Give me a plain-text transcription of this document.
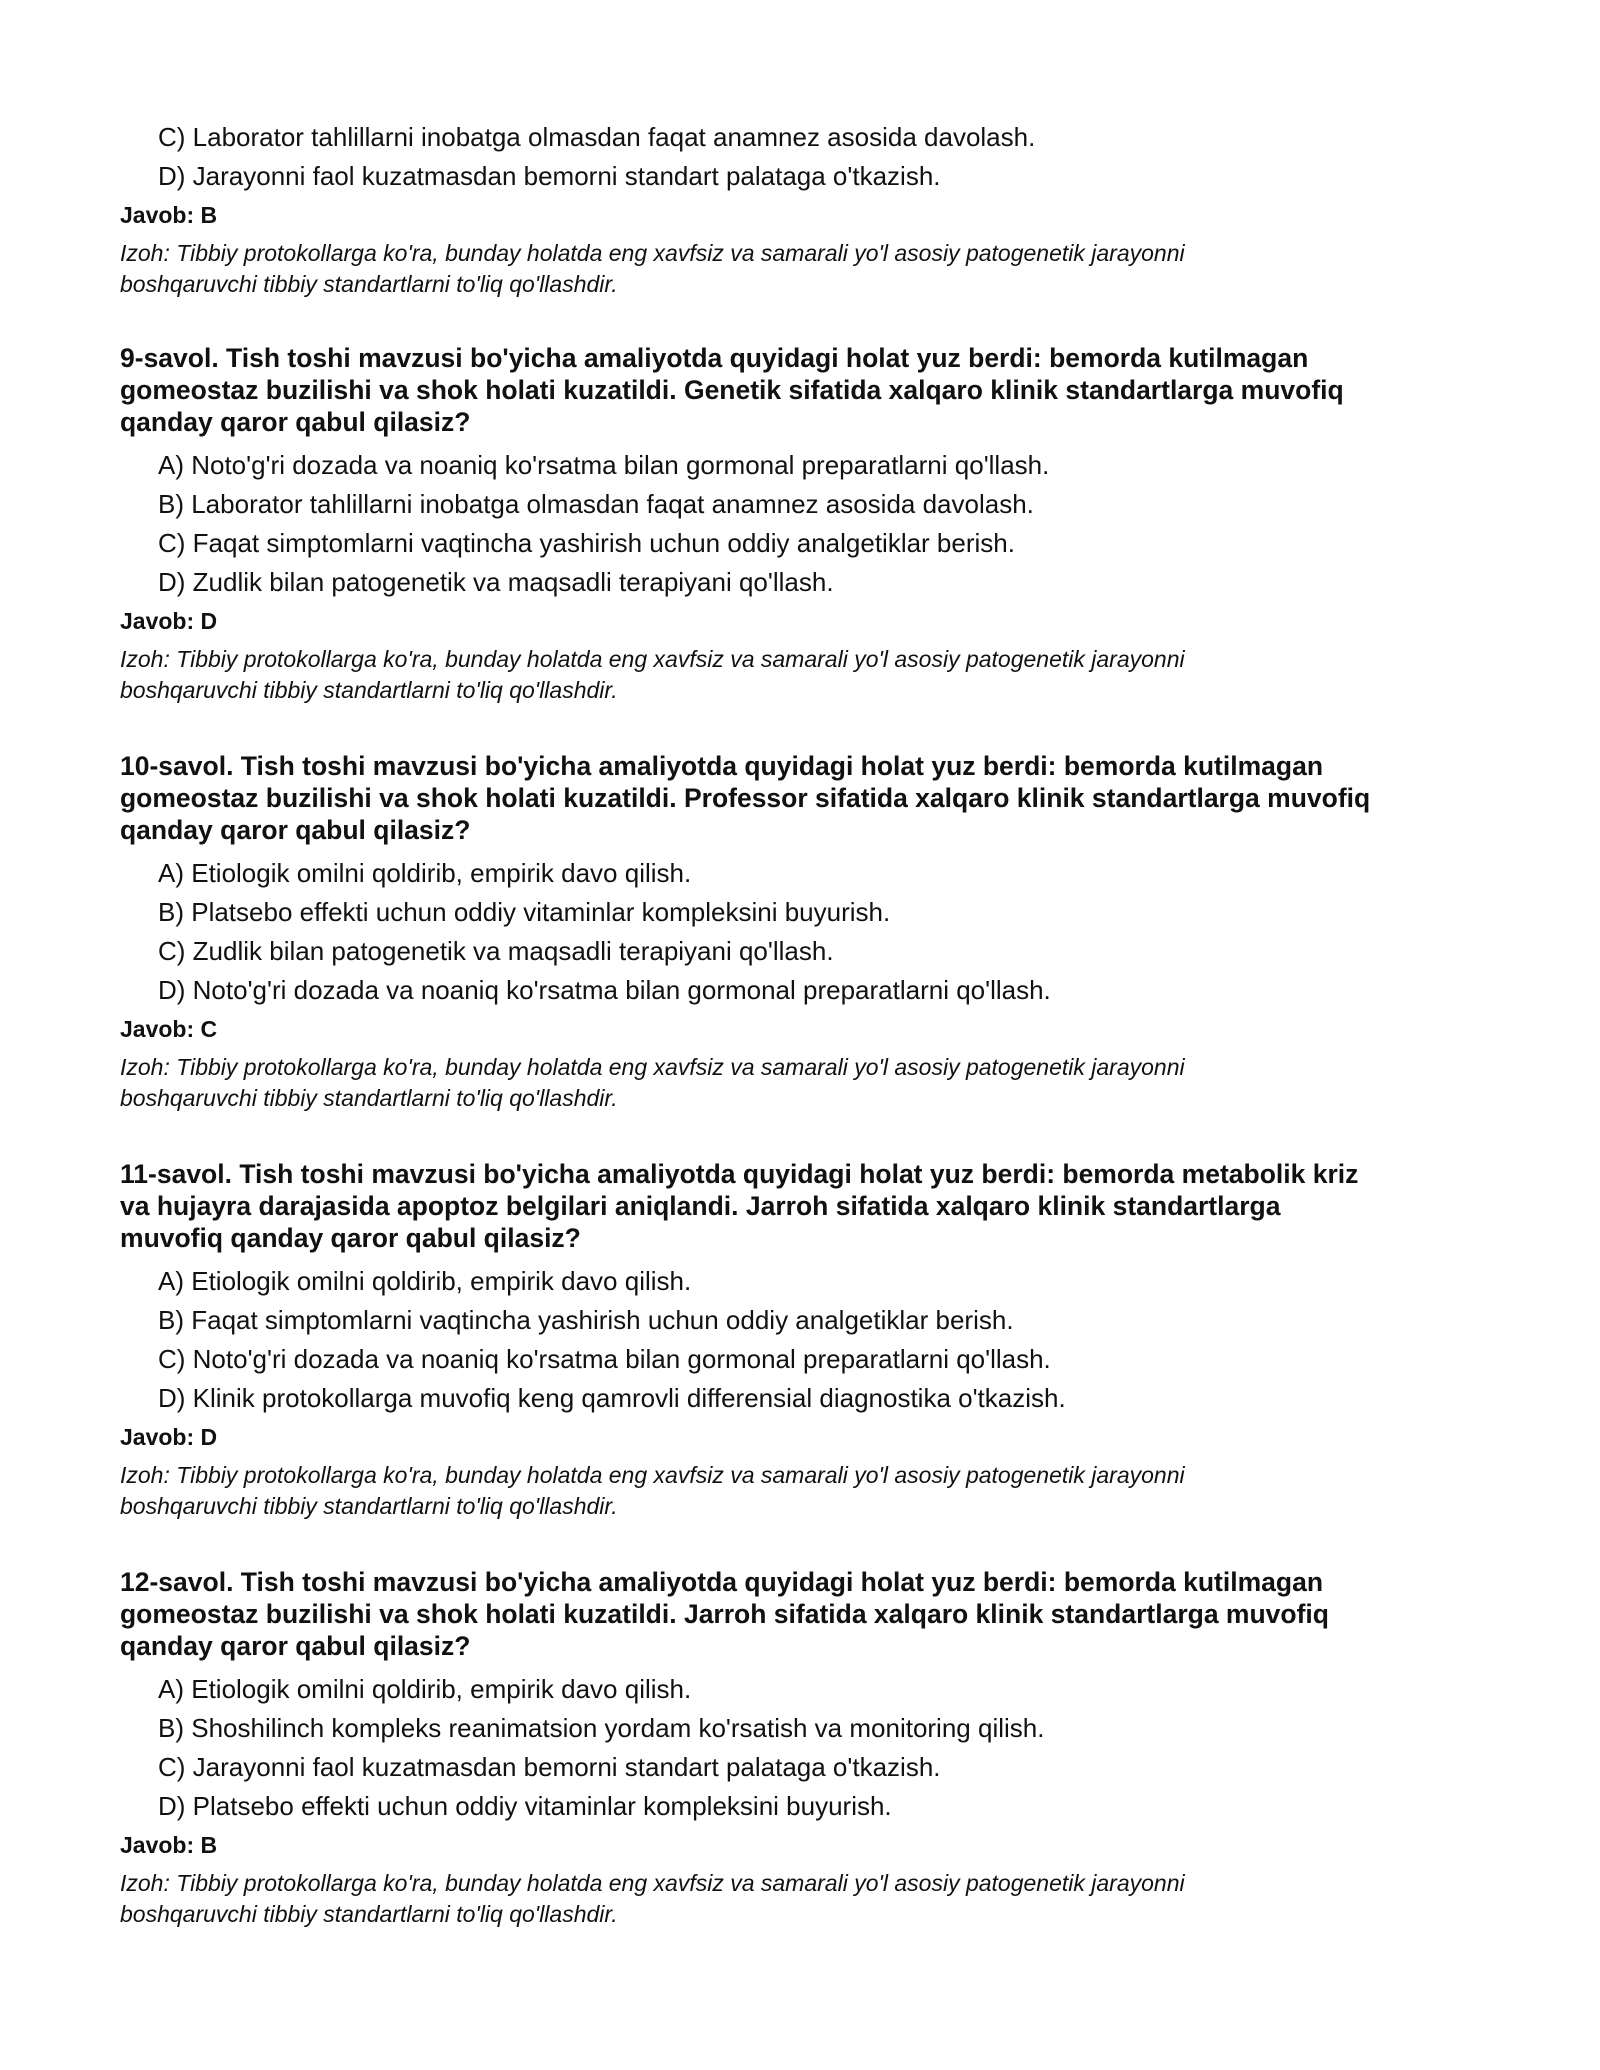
C) Laborator tahlillarni inobatga olmasdan faqat anamnez asosida davolash.
D) Jarayonni faol kuzatmasdan bemorni standart palataga o'tkazish.
Javob: B

Izoh: Tibbiy protokollarga ko'ra, bunday holatda eng xavfsiz va samarali yo'l asosiy patogenetik jarayonni
boshqaruvchi tibbiy standartlarni to'liq qo'llashdir.

9-savol. Tish toshi mavzusi bo'yicha amaliyotda quyidagi holat yuz berdi: bemorda kutilmagan
gomeostaz buzilishi va shok holati kuzatildi. Genetik sifatida xalqaro klinik standartlarga muvofiq
qanday qaror qabul qilasiz?
A) Noto'g'ri dozada va noaniq ko'rsatma bilan gormonal preparatlarni qo'llash.
B) Laborator tahlillarni inobatga olmasdan faqat anamnez asosida davolash.
C) Faqat simptomlarni vaqtincha yashirish uchun oddiy analgetiklar berish.
D) Zudlik bilan patogenetik va maqsadli terapiyani qo'llash.
Javob: D

Izoh: Tibbiy protokollarga ko'ra, bunday holatda eng xavfsiz va samarali yo'l asosiy patogenetik jarayonni
boshqaruvchi tibbiy standartlarni to'liq qo'llashdir.

10-savol. Tish toshi mavzusi bo'yicha amaliyotda quyidagi holat yuz berdi: bemorda kutilmagan
gomeostaz buzilishi va shok holati kuzatildi. Professor sifatida xalqaro klinik standartlarga muvofiq
qanday qaror qabul qilasiz?
A) Etiologik omilni qoldirib, empirik davo qilish.
B) Platsebo effekti uchun oddiy vitaminlar kompleksini buyurish.
C) Zudlik bilan patogenetik va maqsadli terapiyani qo'llash.
D) Noto'g'ri dozada va noaniq ko'rsatma bilan gormonal preparatlarni qo'llash.
Javob: C

Izoh: Tibbiy protokollarga ko'ra, bunday holatda eng xavfsiz va samarali yo'l asosiy patogenetik jarayonni
boshqaruvchi tibbiy standartlarni to'liq qo'llashdir.

11-savol. Tish toshi mavzusi bo'yicha amaliyotda quyidagi holat yuz berdi: bemorda metabolik kriz
va hujayra darajasida apoptoz belgilari aniqlandi. Jarroh sifatida xalqaro klinik standartlarga
muvofiq qanday qaror qabul qilasiz?
A) Etiologik omilni qoldirib, empirik davo qilish.
B) Faqat simptomlarni vaqtincha yashirish uchun oddiy analgetiklar berish.
C) Noto'g'ri dozada va noaniq ko'rsatma bilan gormonal preparatlarni qo'llash.
D) Klinik protokollarga muvofiq keng qamrovli differensial diagnostika o'tkazish.
Javob: D

Izoh: Tibbiy protokollarga ko'ra, bunday holatda eng xavfsiz va samarali yo'l asosiy patogenetik jarayonni
boshqaruvchi tibbiy standartlarni to'liq qo'llashdir.

12-savol. Tish toshi mavzusi bo'yicha amaliyotda quyidagi holat yuz berdi: bemorda kutilmagan
gomeostaz buzilishi va shok holati kuzatildi. Jarroh sifatida xalqaro klinik standartlarga muvofiq
qanday qaror qabul qilasiz?
A) Etiologik omilni qoldirib, empirik davo qilish.
B) Shoshilinch kompleks reanimatsion yordam ko'rsatish va monitoring qilish.
C) Jarayonni faol kuzatmasdan bemorni standart palataga o'tkazish.
D) Platsebo effekti uchun oddiy vitaminlar kompleksini buyurish.
Javob: B

Izoh: Tibbiy protokollarga ko'ra, bunday holatda eng xavfsiz va samarali yo'l asosiy patogenetik jarayonni
boshqaruvchi tibbiy standartlarni to'liq qo'llashdir.
